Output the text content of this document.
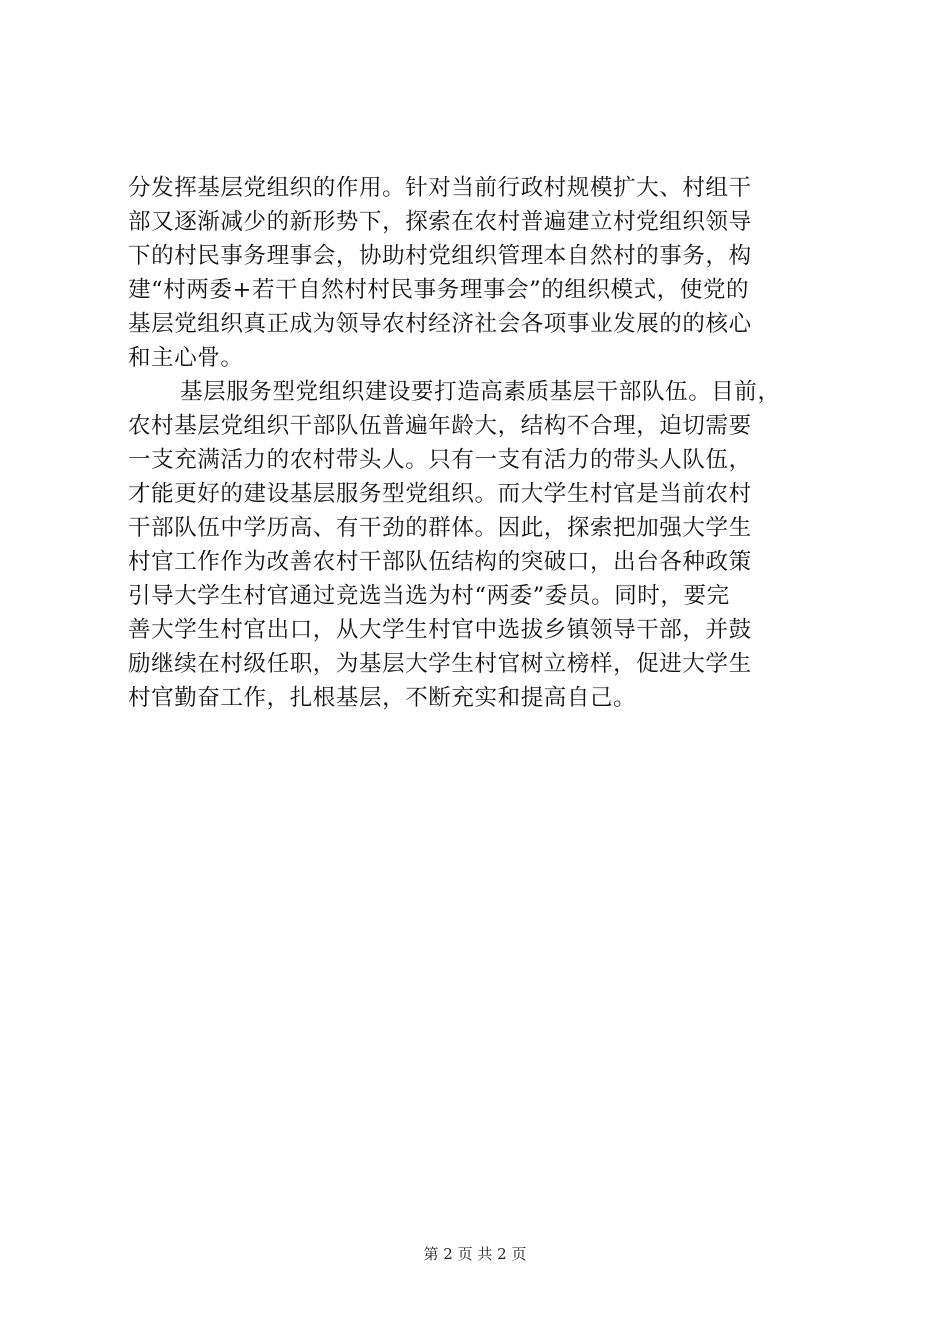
分发挥基层党组织的作用。针对当前行政村规模扩大、村组干
部又逐渐减少的新形势下，探索在农村普遍建立村党组织领导
下的村民事务理事会，协助村党组织管理本自然村的事务，构
建“村两委+若干自然村村民事务理事会”的组织模式，使党的
基层党组织真正成为领导农村经济社会各项事业发展的的核心
和主心骨。
基层服务型党组织建设要打造高素质基层干部队伍。目前，
农村基层党组织干部队伍普遍年龄大，结构不合理，迫切需要
一支充满活力的农村带头人。只有一支有活力的带头人队伍，
才能更好的建设基层服务型党组织。而大学生村官是当前农村
干部队伍中学历高、有干劲的群体。因此，探索把加强大学生
村官工作作为改善农村干部队伍结构的突破口，出台各种政策
引导大学生村官通过竞选当选为村“两委”委员。同时，要完
善大学生村官出口，从大学生村官中选拔乡镇领导干部，并鼓
励继续在村级任职，为基层大学生村官树立榜样，促进大学生
村官勤奋工作，扎根基层，不断充实和提高自己。
第 2 页 共 2 页
